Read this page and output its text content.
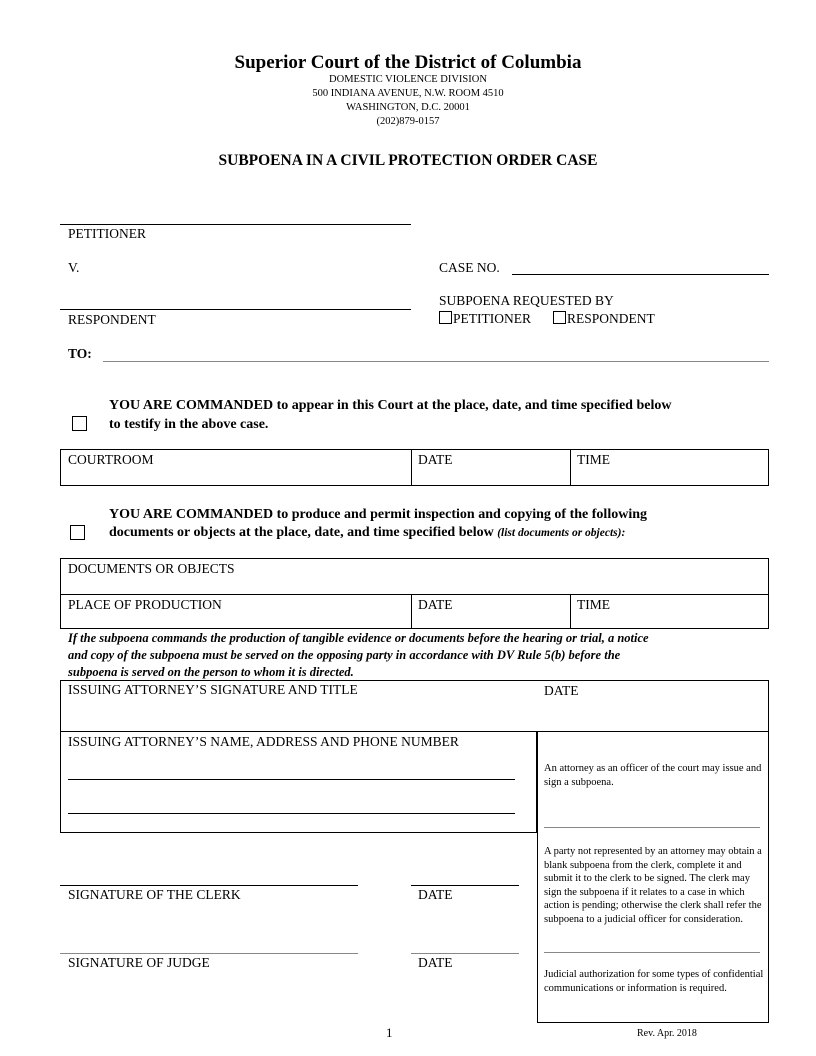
Superior Court of the District of Columbia
DOMESTIC VIOLENCE DIVISION
500 INDIANA AVENUE, N.W. ROOM 4510
WASHINGTON, D.C. 20001
(202)879-0157
SUBPOENA IN A CIVIL PROTECTION ORDER CASE
PETITIONER
V.	CASE NO.
RESPONDENT
SUBPOENA REQUESTED BY
PETITIONER	RESPONDENT
TO:
YOU ARE COMMANDED to appear in this Court at the place, date, and time specified below
to testify in the above case.
COURTROOM	DATE	TIME
YOU ARE COMMANDED to produce and permit inspection and copying of the following
documents or objects at the place, date, and time specified below (list documents or objects):
DOCUMENTS OR OBJECTS
PLACE OF PRODUCTION	DATE	TIME
If the subpoena commands the production of tangible evidence or documents before the hearing or trial, a notice
and copy of the subpoena must be served on the opposing party in accordance with DV Rule 5(b) before the
subpoena is served on the person to whom it is directed.
ISSUING ATTORNEY’S SIGNATURE AND TITLE	DATE
ISSUING ATTORNEY’S NAME, ADDRESS AND PHONE NUMBER
An attorney as an officer of the court may issue and sign a subpoena.
A party not represented by an attorney may obtain a blank subpoena from the clerk, complete it and submit it to the clerk to be signed. The clerk may sign the subpoena if it relates to a case in which action is pending; otherwise the clerk shall refer the subpoena to a judicial officer for consideration.
Judicial authorization for some types of confidential communications or information is required.
SIGNATURE OF THE CLERK	DATE
SIGNATURE OF JUDGE	DATE
1	Rev. Apr. 2018
